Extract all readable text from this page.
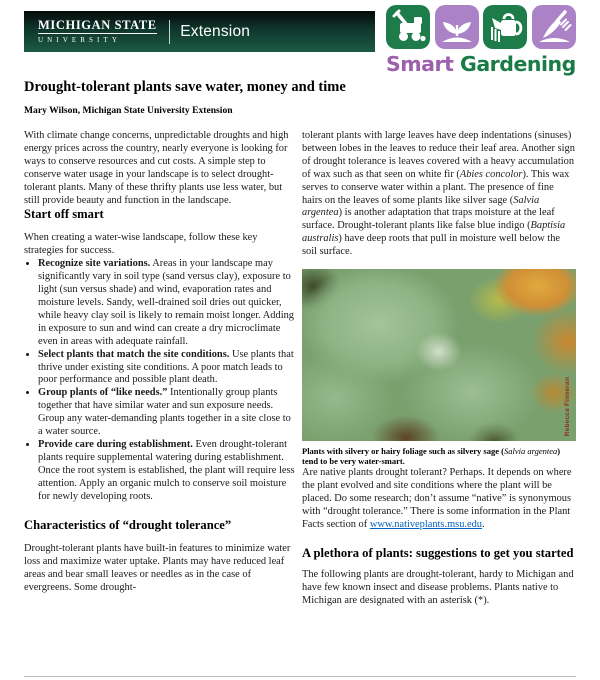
MICHIGAN STATE
UNIVERSITY	Extension
Smart Gardening
Drought-tolerant plants save water, money and time
Mary Wilson, Michigan State University Extension

With climate change concerns, unpredictable droughts and high energy prices across the country, nearly everyone is looking for ways to conserve resources and cut costs. A simple step to conserve water usage in your landscape is to select drought-tolerant plants. Many of these thrifty plants use less water, but still provide beauty and function in the landscape.

Start off smart

When creating a water-wise landscape, follow these key strategies for success.

• Recognize site variations. Areas in your landscape may significantly vary in soil type (sand versus clay), exposure to light (sun versus shade) and wind, evaporation rates and moisture levels. Sandy, well-drained soil dries out quicker, while heavy clay soil is likely to remain moist longer. Adding in exposure to sun and wind can create a dry microclimate even in areas with adequate rainfall.
• Select plants that match the site conditions. Use plants that thrive under existing site conditions. A poor match leads to poor performance and possible plant death.
• Group plants of “like needs.” Intentionally group plants together that have similar water and sun exposure needs. Group any water-demanding plants together in a site close to a water source.
• Provide care during establishment. Even drought-tolerant plants require supplemental watering during establishment. Once the root system is established, the plant will require less attention. Apply an organic mulch to conserve soil moisture for newly developing roots.
Characteristics of “drought tolerance”

Drought-tolerant plants have built-in features to minimize water loss and maximize water uptake. Plants may have reduced leaf areas and bear small leaves or needles as in the case of evergreens. Some drought-

tolerant plants with large leaves have deep indentations (sinuses) between lobes in the leaves to reduce their leaf area. Another sign of drought tolerance is leaves covered with a heavy accumulation of wax such as that seen on white fir (Abies concolor). This wax serves to conserve water within a plant. The presence of fine hairs on the leaves of some plants like silver sage (Salvia argentea) is another adaptation that traps moisture at the leaf surface. Drought-tolerant plants like false blue indigo (Baptisia australis) have deep roots that pull in moisture well below the soil surface.

Rebecca Finneran
Plants with silvery or hairy foliage such as silvery sage (Salvia argentea) tend to be very water-smart.

Are native plants drought tolerant? Perhaps. It depends on where the plant evolved and site conditions where the plant will be placed. Do some research; don’t assume “native” is synonymous with “drought tolerance.” There is some information in the Plant Facts section of www.nativeplants.msu.edu.

A plethora of plants: suggestions to get you started

The following plants are drought-tolerant, hardy to Michigan and have few known insect and disease problems. Plants native to Michigan are designated with an asterisk (*).
